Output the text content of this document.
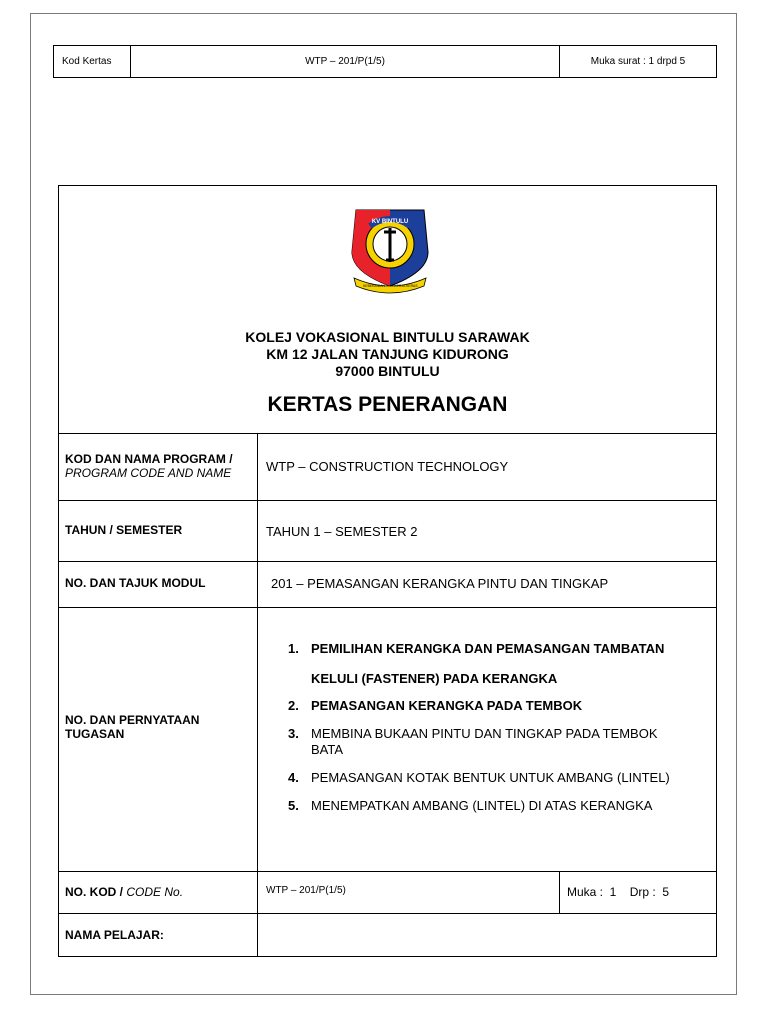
Kod Kertas	WTP – 201/P(1/5)	Muka surat : 1 drpd 5
KV BINTULU
KEBERANIAN	KERJA KERAS
KOLEJ VOKASIONAL BINTULU SARAWAK
KM 12 JALAN TANJUNG KIDURONG
97000 BINTULU
KERTAS PENERANGAN
KOD DAN NAMA PROGRAM /
PROGRAM CODE AND NAME	WTP – CONSTRUCTION TECHNOLOGY
TAHUN / SEMESTER	TAHUN 1 – SEMESTER 2
NO. DAN TAJUK MODUL	201 – PEMASANGAN KERANGKA PINTU DAN TINGKAP
NO. DAN PERNYATAAN TUGASAN
1. PEMILIHAN KERANGKA DAN PEMASANGAN TAMBATAN KELULI (FASTENER) PADA KERANGKA
2. PEMASANGAN KERANGKA PADA TEMBOK
3. MEMBINA BUKAAN PINTU DAN TINGKAP PADA TEMBOK BATA
4. PEMASANGAN KOTAK BENTUK UNTUK AMBANG (LINTEL)
5. MENEMPATKAN AMBANG (LINTEL) DI ATAS KERANGKA
NO. KOD / CODE No.	WTP – 201/P(1/5)	Muka :  1    Drp :  5
NAMA PELAJAR:
